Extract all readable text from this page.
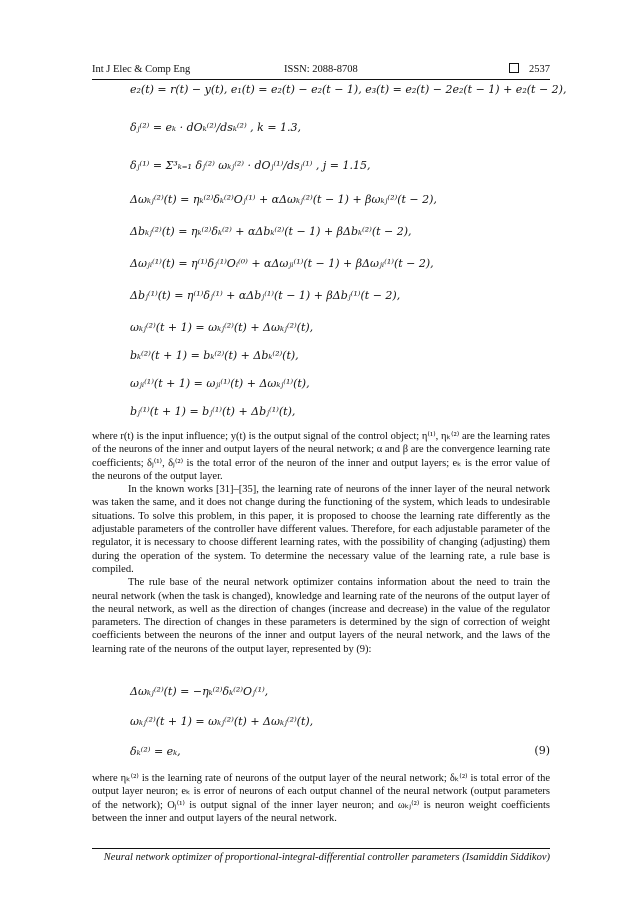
Int J Elec & Comp Eng	ISSN: 2088-8708	2537
e₂(t) = r(t) − y(t), e₁(t) = e₂(t) − e₂(t − 1), e₃(t) = e₂(t) − 2e₂(t − 1) + e₂(t − 2),
δⱼ⁽²⁾ = eₖ · dOₖ⁽²⁾/dsₖ⁽²⁾ , k = 1.3,
δⱼ⁽¹⁾ = Σ³ₖ₌₁ δⱼ⁽²⁾ ωₖⱼ⁽²⁾ · dOⱼ⁽¹⁾/dsⱼ⁽¹⁾ , j = 1.15,
Δωₖⱼ⁽²⁾(t) = ηₖ⁽²⁾δₖ⁽²⁾Oⱼ⁽¹⁾ + αΔωₖⱼ⁽²⁾(t − 1) + βωₖⱼ⁽²⁾(t − 2),
Δbₖⱼ⁽²⁾(t) = ηₖ⁽²⁾δₖ⁽²⁾ + αΔbₖ⁽²⁾(t − 1) + βΔbₖ⁽²⁾(t − 2),
Δωⱼᵢ⁽¹⁾(t) = η⁽¹⁾δⱼ⁽¹⁾Oᵢ⁽⁰⁾ + αΔωⱼᵢ⁽¹⁾(t − 1) + βΔωⱼᵢ⁽¹⁾(t − 2),
Δbⱼ⁽¹⁾(t) = η⁽¹⁾δⱼ⁽¹⁾ + αΔbⱼ⁽¹⁾(t − 1) + βΔbⱼ⁽¹⁾(t − 2),
ωₖⱼ⁽²⁾(t + 1) = ωₖⱼ⁽²⁾(t) + Δωₖⱼ⁽²⁾(t),
bₖ⁽²⁾(t + 1) = bₖ⁽²⁾(t) + Δbₖ⁽²⁾(t),
ωⱼᵢ⁽¹⁾(t + 1) = ωⱼᵢ⁽¹⁾(t) + Δωₖⱼ⁽¹⁾(t),
bⱼ⁽¹⁾(t + 1) = bⱼ⁽¹⁾(t) + Δbⱼ⁽¹⁾(t),

where r(t) is the input influence; y(t) is the output signal of the control object; η⁽¹⁾, ηₖ⁽²⁾ are the learning rates of the neurons of the inner and output layers of the neural network; α and β are the convergence learning rate coefficients; δⱼ⁽¹⁾, δⱼ⁽²⁾ is the total error of the neuron of the inner and output layers; eₖ is the error value of the neurons of the output layer.

In the known works [31]–[35], the learning rate of neurons of the inner layer of the neural network was taken the same, and it does not change during the functioning of the system, which leads to undesirable situations. To solve this problem, in this paper, it is proposed to choose the learning rate differently as the adjustable parameters of the controller have different values. Therefore, for each adjustable parameter of the regulator, it is necessary to choose different learning rates, with the possibility of changing (adjusting) them during the operation of the system. To determine the necessary value of the learning rate, a rule base is compiled.

The rule base of the neural network optimizer contains information about the need to train the neural network (when the task is changed), knowledge and learning rate of the neurons of the output layer of the neural network, as well as the direction of changes (increase and decrease) in the value of the regulator parameters. The direction of changes in these parameters is determined by the sign of correction of weight coefficients between the neurons of the inner and output layers of the neural network, and the laws of the learning rate of the neurons of the output layer, represented by (9):

Δωₖⱼ⁽²⁾(t) = −ηₖ⁽²⁾δₖ⁽²⁾Oⱼ⁽¹⁾,
ωₖⱼ⁽²⁾(t + 1) = ωₖⱼ⁽²⁾(t) + Δωₖⱼ⁽²⁾(t),
δₖ⁽²⁾ = eₖ,	(9)

where ηₖ⁽²⁾ is the learning rate of neurons of the output layer of the neural network; δₖ⁽²⁾ is total error of the output layer neuron; eₖ is error of neurons of each output channel of the neural network (output parameters of the network); Oⱼ⁽¹⁾ is output signal of the inner layer neuron; and ωₖⱼ⁽²⁾ is neuron weight coefficients between the inner and output layers of the neural network.

Neural network optimizer of proportional-integral-differential controller parameters (Isamiddin Siddikov)
